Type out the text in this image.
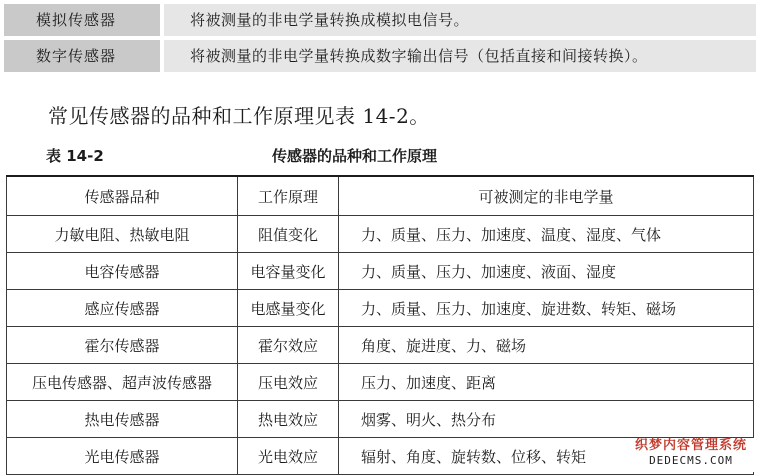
模拟传感器	将被测量的非电学量转换成模拟电信号。
数字传感器	将被测量的非电学量转换成数字输出信号（包括直接和间接转换）。
常见传感器的品种和工作原理见表 14-2。
表 14-2	传感器的品种和工作原理
传感器品种	工作原理	可被测定的非电学量
力敏电阻、热敏电阻	阻值变化	力、质量、压力、加速度、温度、湿度、气体
电容传感器	电容量变化	力、质量、压力、加速度、液面、湿度
感应传感器	电感量变化	力、质量、压力、加速度、旋进数、转矩、磁场
霍尔传感器	霍尔效应	角度、旋进度、力、磁场
压电传感器、超声波传感器	压电效应	压力、加速度、距离
热电传感器	热电效应	烟雾、明火、热分布
光电传感器	光电效应	辐射、角度、旋转数、位移、转矩
织梦内容管理系统
DEDECMS.COM
